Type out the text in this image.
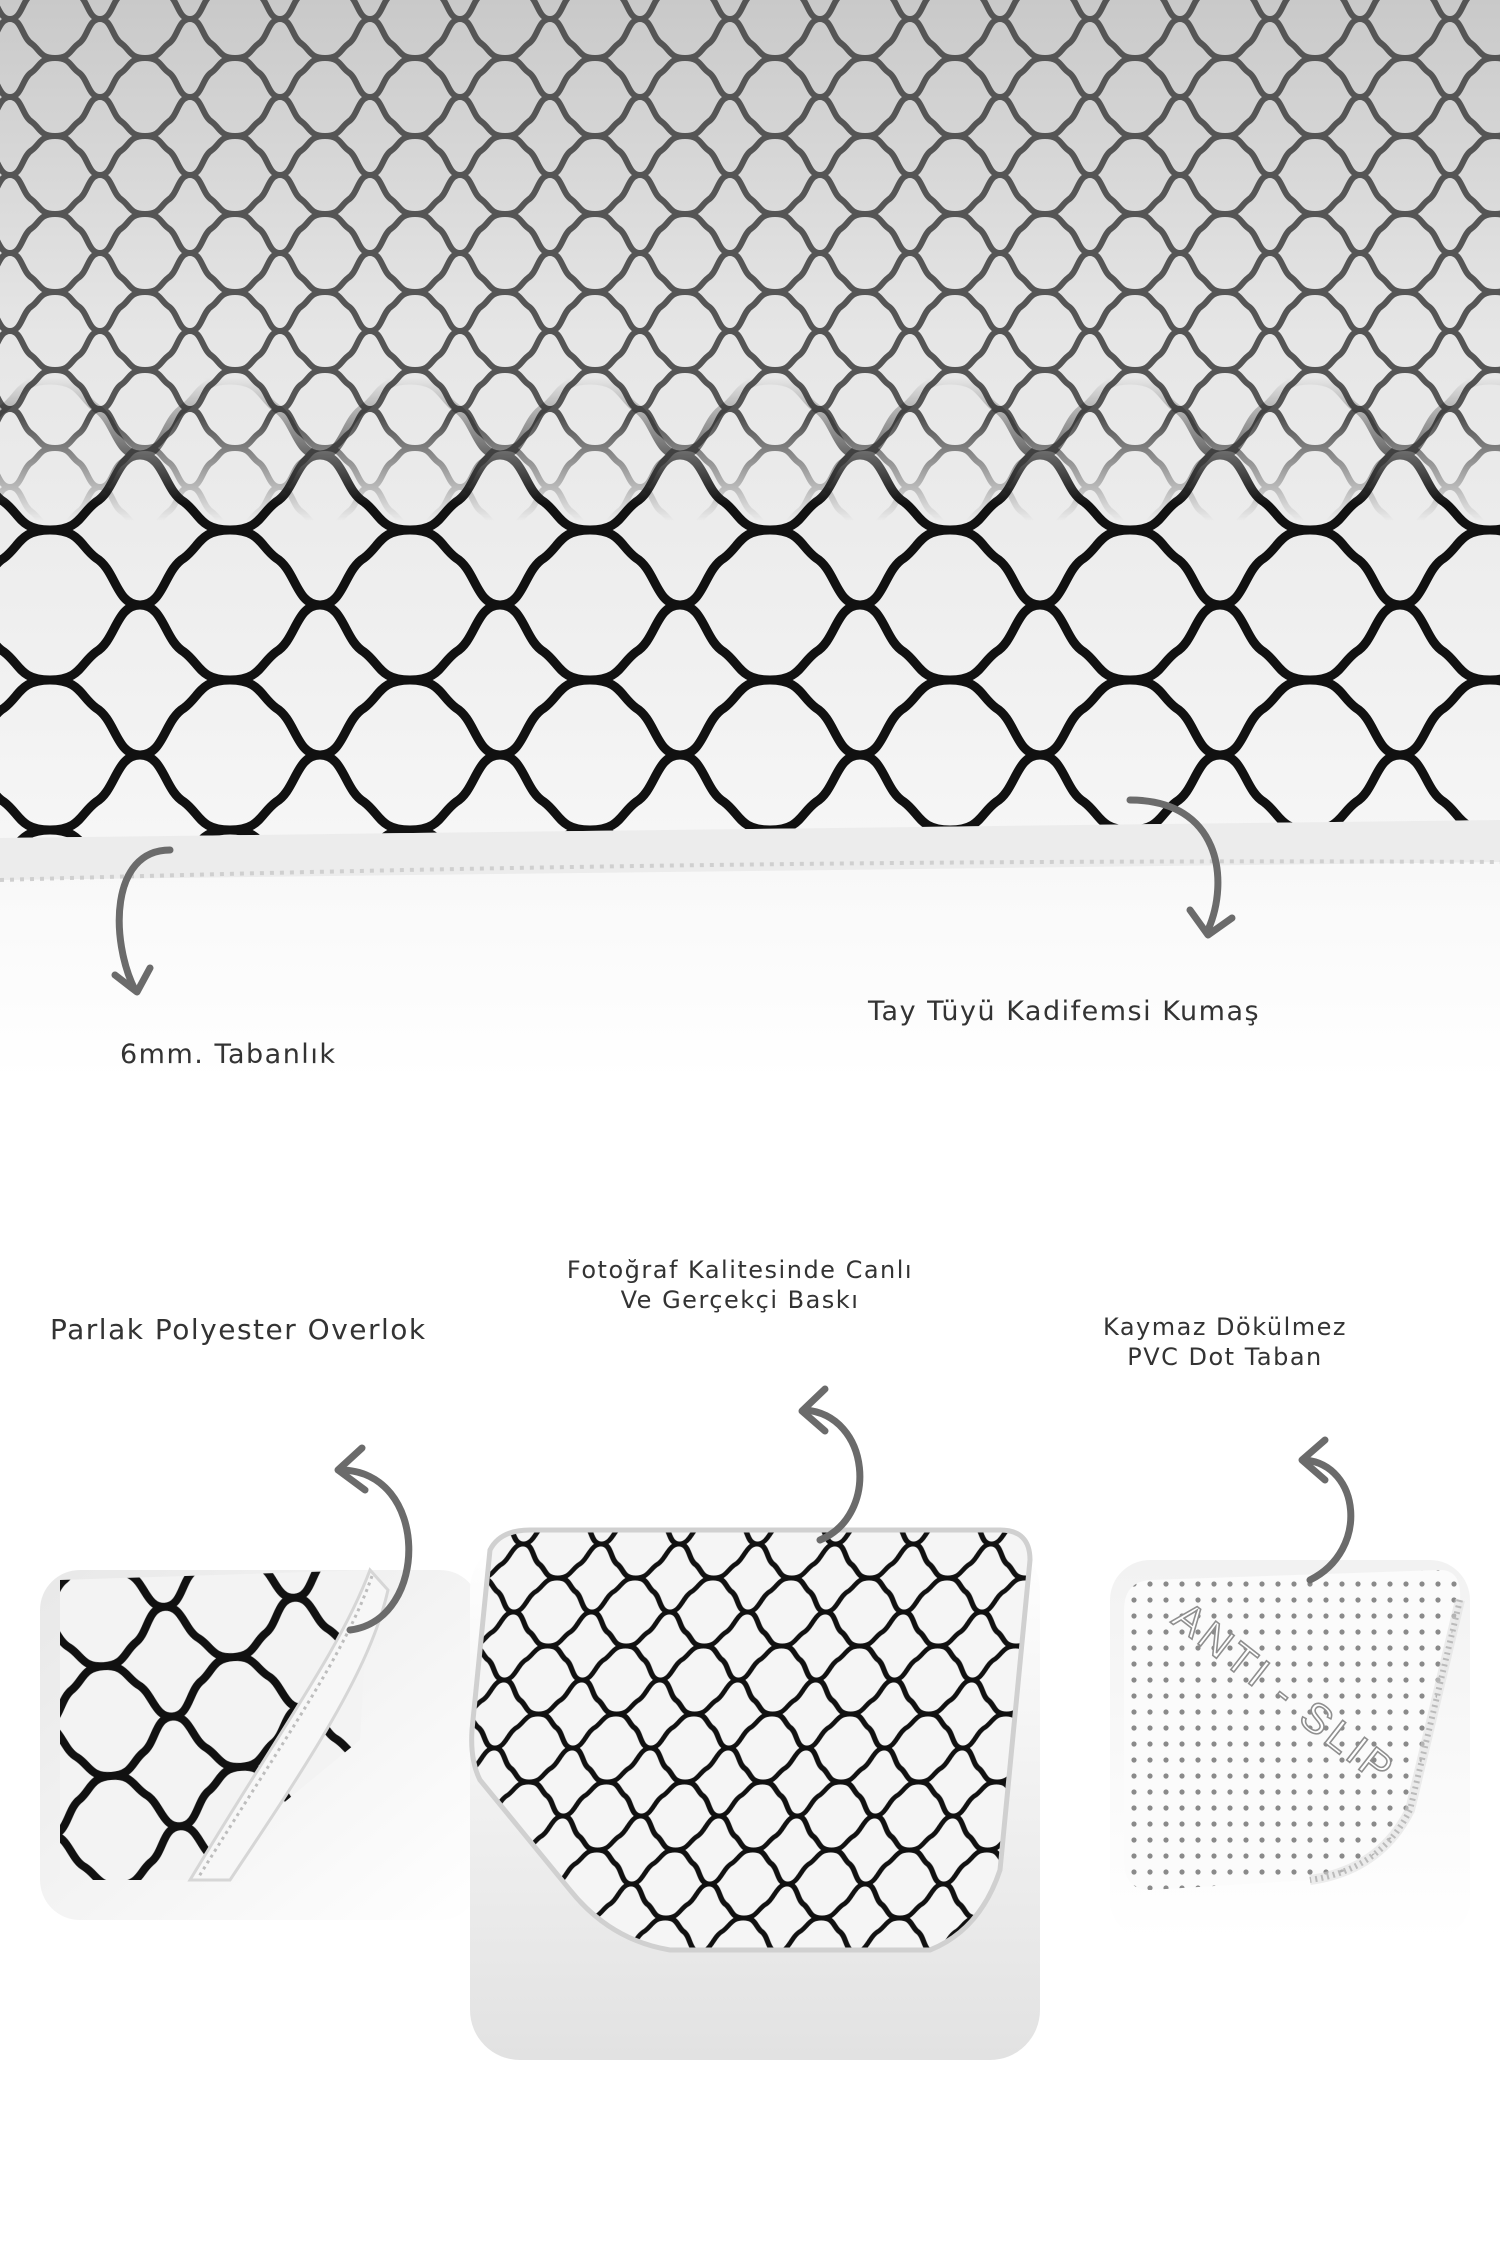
6mm. Tabanlık
Tay Tüyü Kadifemsi Kumaş
Parlak Polyester Overlok
Fotoğraf Kalitesinde Canlı
Ve Gerçekçi Baskı
Kaymaz Dökülmez
PVC Dot Taban
ANTI - SLIP
